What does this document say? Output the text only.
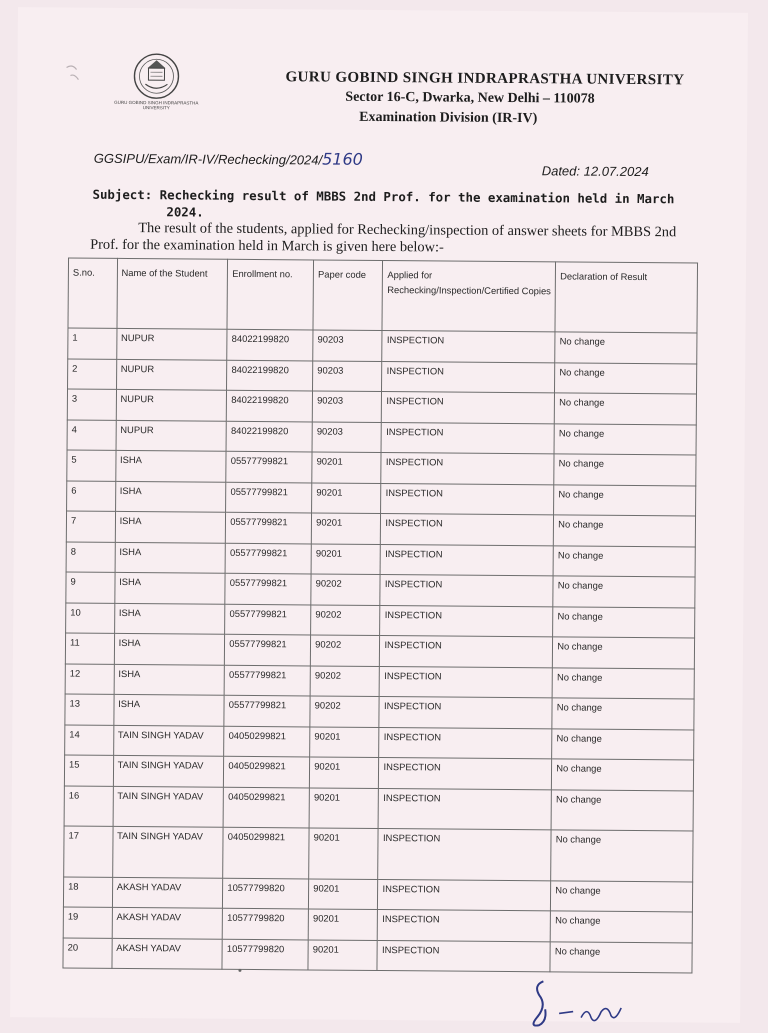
GURU GOBIND SINGH INDRAPRASTHA UNIVERSITY
GURU GOBIND SINGH INDRAPRASTHA UNIVERSITY
Sector 16-C, Dwarka, New Delhi – 110078
Examination Division (IR-IV)
GGSIPU/Exam/IR-IV/Rechecking/2024/5160
Dated: 12.07.2024
Subject: Rechecking result of MBBS 2nd Prof. for the examination held in March
2024.
The result of the students, applied for Rechecking/inspection of answer sheets for MBBS 2nd Prof. for the examination held in March is given here below:-
S.no.	Name of the Student	Enrollment no.	Paper code	Applied for Rechecking/Inspection/Certified Copies	Declaration of Result
1	NUPUR	84022199820	90203	INSPECTION	No change
2	NUPUR	84022199820	90203	INSPECTION	No change
3	NUPUR	84022199820	90203	INSPECTION	No change
4	NUPUR	84022199820	90203	INSPECTION	No change
5	ISHA	05577799821	90201	INSPECTION	No change
6	ISHA	05577799821	90201	INSPECTION	No change
7	ISHA	05577799821	90201	INSPECTION	No change
8	ISHA	05577799821	90201	INSPECTION	No change
9	ISHA	05577799821	90202	INSPECTION	No change
10	ISHA	05577799821	90202	INSPECTION	No change
11	ISHA	05577799821	90202	INSPECTION	No change
12	ISHA	05577799821	90202	INSPECTION	No change
13	ISHA	05577799821	90202	INSPECTION	No change
14	TAIN SINGH YADAV	04050299821	90201	INSPECTION	No change
15	TAIN SINGH YADAV	04050299821	90201	INSPECTION	No change
16	TAIN SINGH YADAV	04050299821	90201	INSPECTION	No change
17	TAIN SINGH YADAV	04050299821	90201	INSPECTION	No change
18	AKASH YADAV	10577799820	90201	INSPECTION	No change
19	AKASH YADAV	10577799820	90201	INSPECTION	No change
20	AKASH YADAV	10577799820	90201	INSPECTION	No change
